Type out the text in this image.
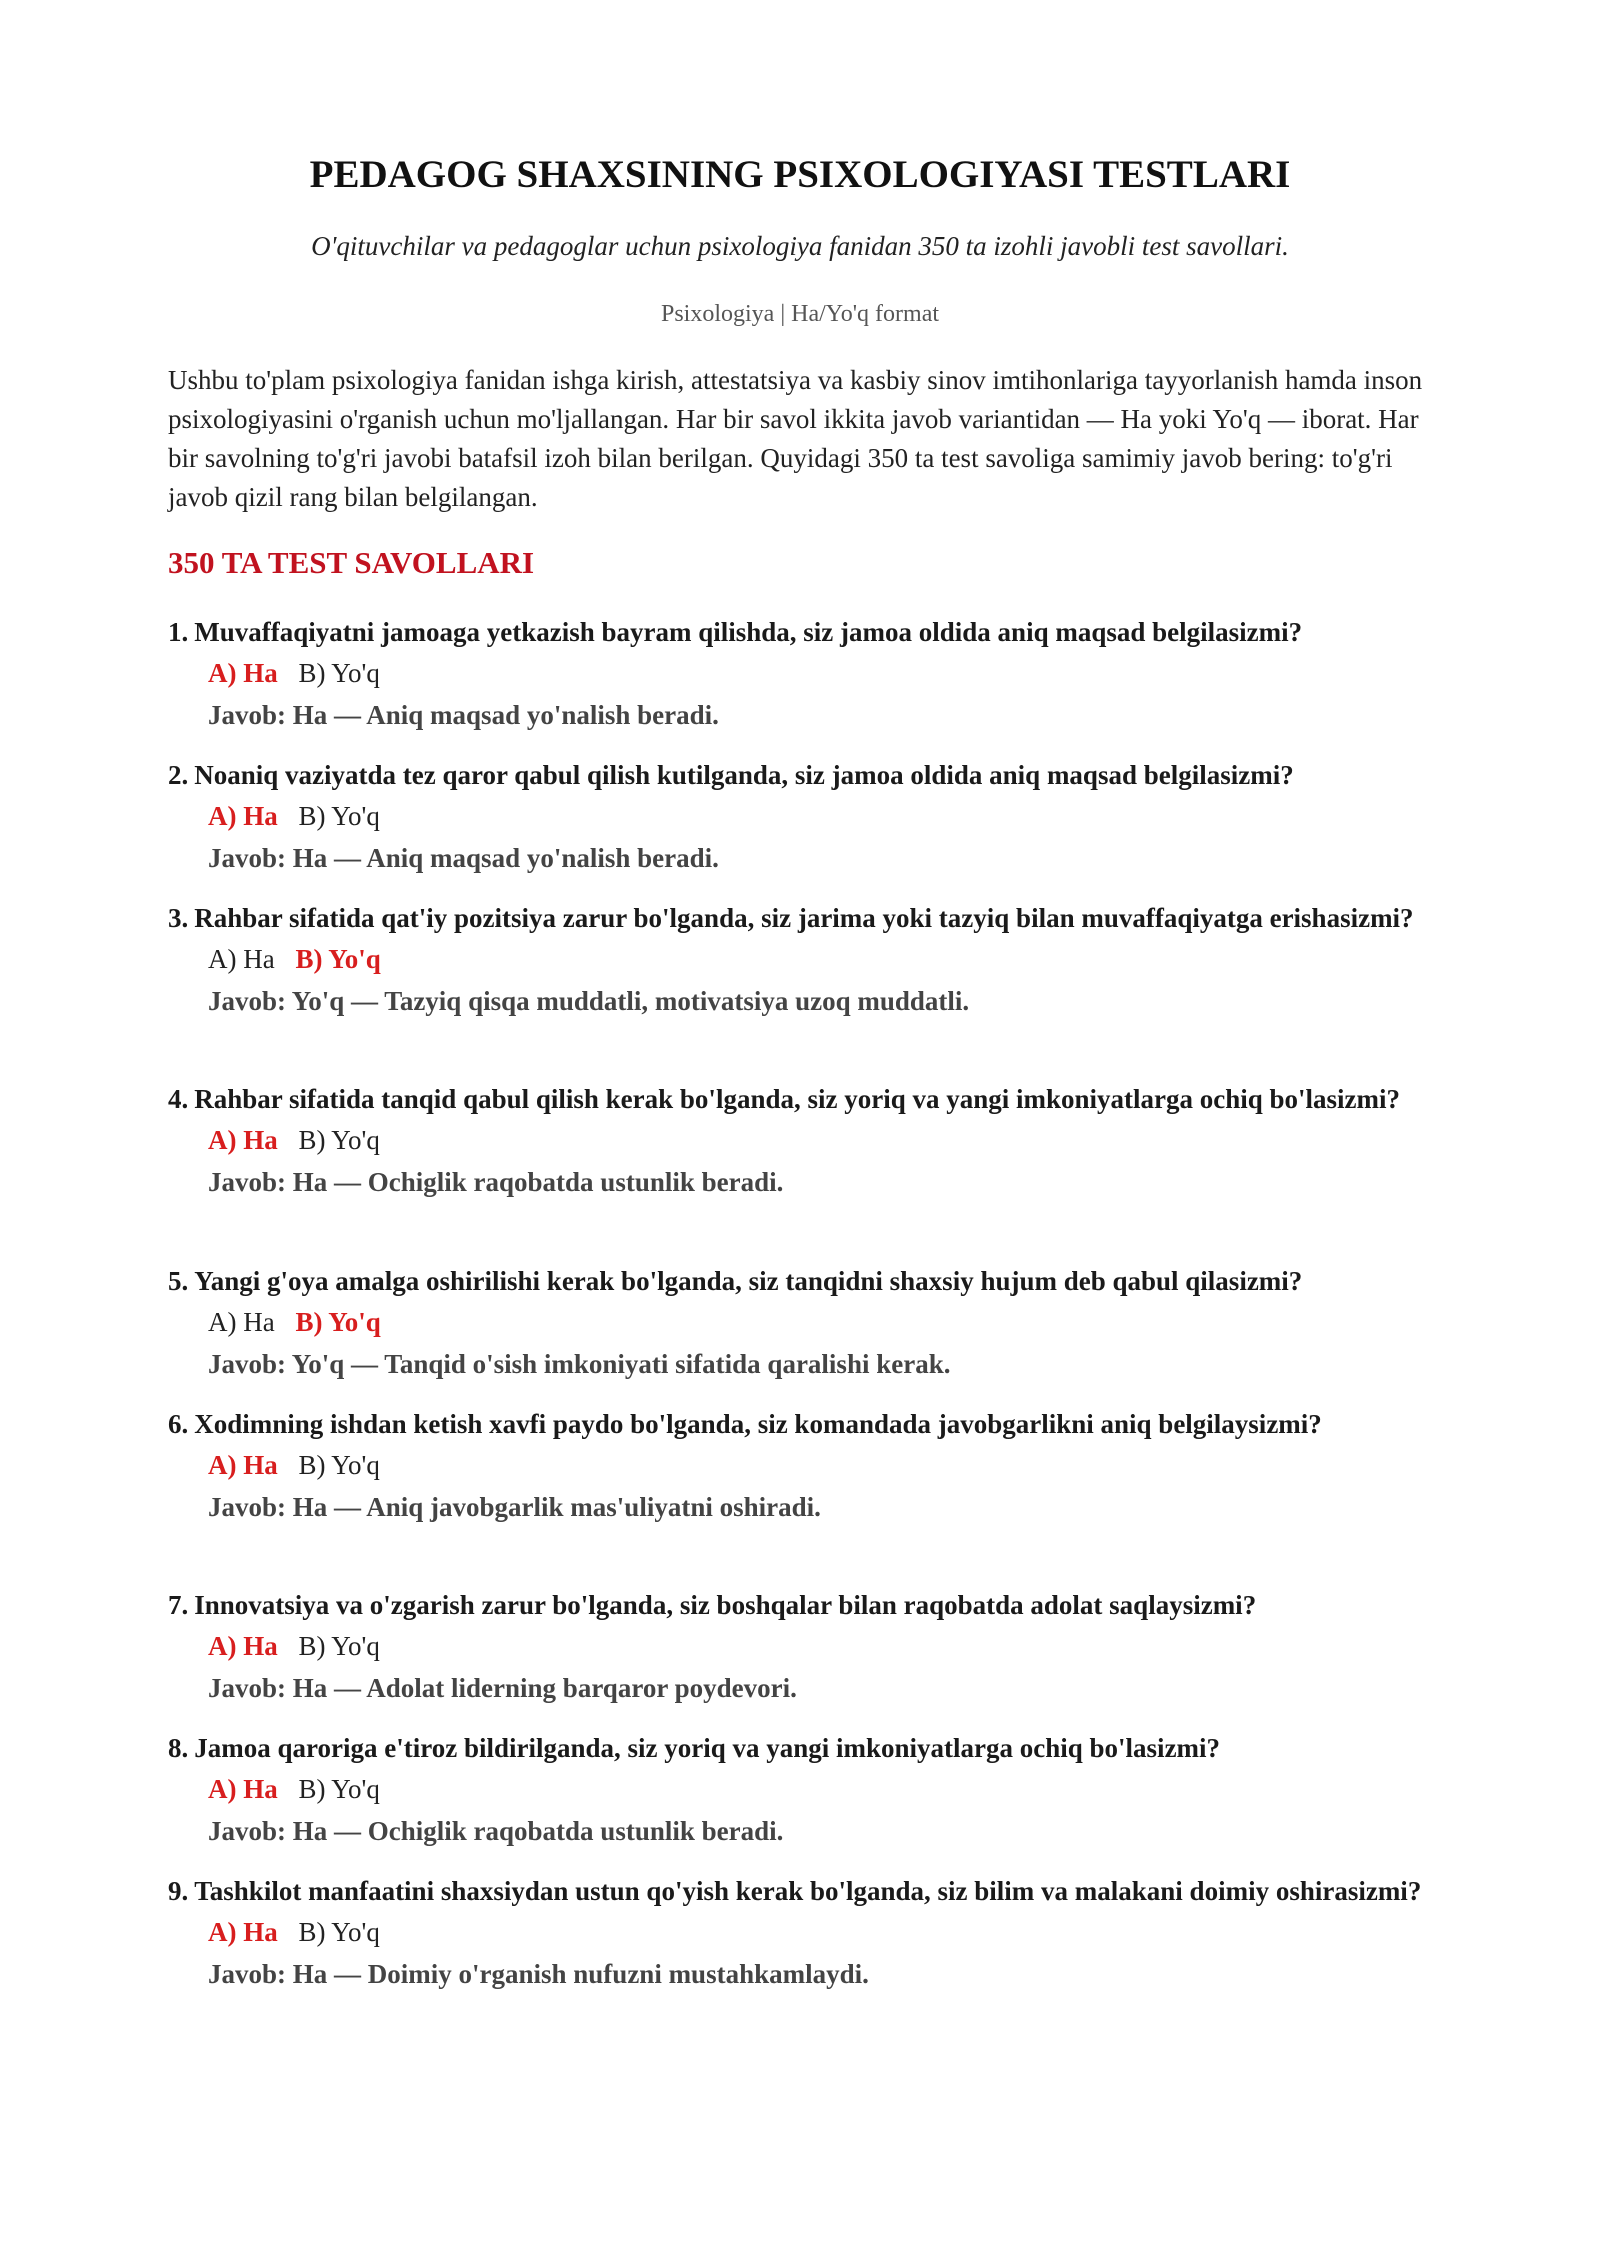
PEDAGOG SHAXSINING PSIXOLOGIYASI TESTLARI
O'qituvchilar va pedagoglar uchun psixologiya fanidan 350 ta izohli javobli test savollari.
Psixologiya | Ha/Yo'q format

Ushbu to'plam psixologiya fanidan ishga kirish, attestatsiya va kasbiy sinov imtihonlariga tayyorlanish hamda inson psixologiyasini o'rganish uchun mo'ljallangan. Har bir savol ikkita javob variantidan — Ha yoki Yo'q — iborat. Har bir savolning to'g'ri javobi batafsil izoh bilan berilgan. Quyidagi 350 ta test savoliga samimiy javob bering: to'g'ri javob qizil rang bilan belgilangan.

350 TA TEST SAVOLLARI
1. Muvaffaqiyatni jamoaga yetkazish bayram qilishda, siz jamoa oldida aniq maqsad belgilasizmi?
A) Ha B) Yo'q
Javob: Ha — Aniq maqsad yo'nalish beradi.
2. Noaniq vaziyatda tez qaror qabul qilish kutilganda, siz jamoa oldida aniq maqsad belgilasizmi?
A) Ha B) Yo'q
Javob: Ha — Aniq maqsad yo'nalish beradi.
3. Rahbar sifatida qat'iy pozitsiya zarur bo'lganda, siz jarima yoki tazyiq bilan muvaffaqiyatga erishasizmi?
A) Ha B) Yo'q
Javob: Yo'q — Tazyiq qisqa muddatli, motivatsiya uzoq muddatli.
4. Rahbar sifatida tanqid qabul qilish kerak bo'lganda, siz yoriq va yangi imkoniyatlarga ochiq bo'lasizmi?
A) Ha B) Yo'q
Javob: Ha — Ochiglik raqobatda ustunlik beradi.
5. Yangi g'oya amalga oshirilishi kerak bo'lganda, siz tanqidni shaxsiy hujum deb qabul qilasizmi?
A) Ha B) Yo'q
Javob: Yo'q — Tanqid o'sish imkoniyati sifatida qaralishi kerak.
6. Xodimning ishdan ketish xavfi paydo bo'lganda, siz komandada javobgarlikni aniq belgilaysizmi?
A) Ha B) Yo'q
Javob: Ha — Aniq javobgarlik mas'uliyatni oshiradi.
7. Innovatsiya va o'zgarish zarur bo'lganda, siz boshqalar bilan raqobatda adolat saqlaysizmi?
A) Ha B) Yo'q
Javob: Ha — Adolat liderning barqaror poydevori.
8. Jamoa qaroriga e'tiroz bildirilganda, siz yoriq va yangi imkoniyatlarga ochiq bo'lasizmi?
A) Ha B) Yo'q
Javob: Ha — Ochiglik raqobatda ustunlik beradi.
9. Tashkilot manfaatini shaxsiydan ustun qo'yish kerak bo'lganda, siz bilim va malakani doimiy oshirasizmi?
A) Ha B) Yo'q
Javob: Ha — Doimiy o'rganish nufuzni mustahkamlaydi.
